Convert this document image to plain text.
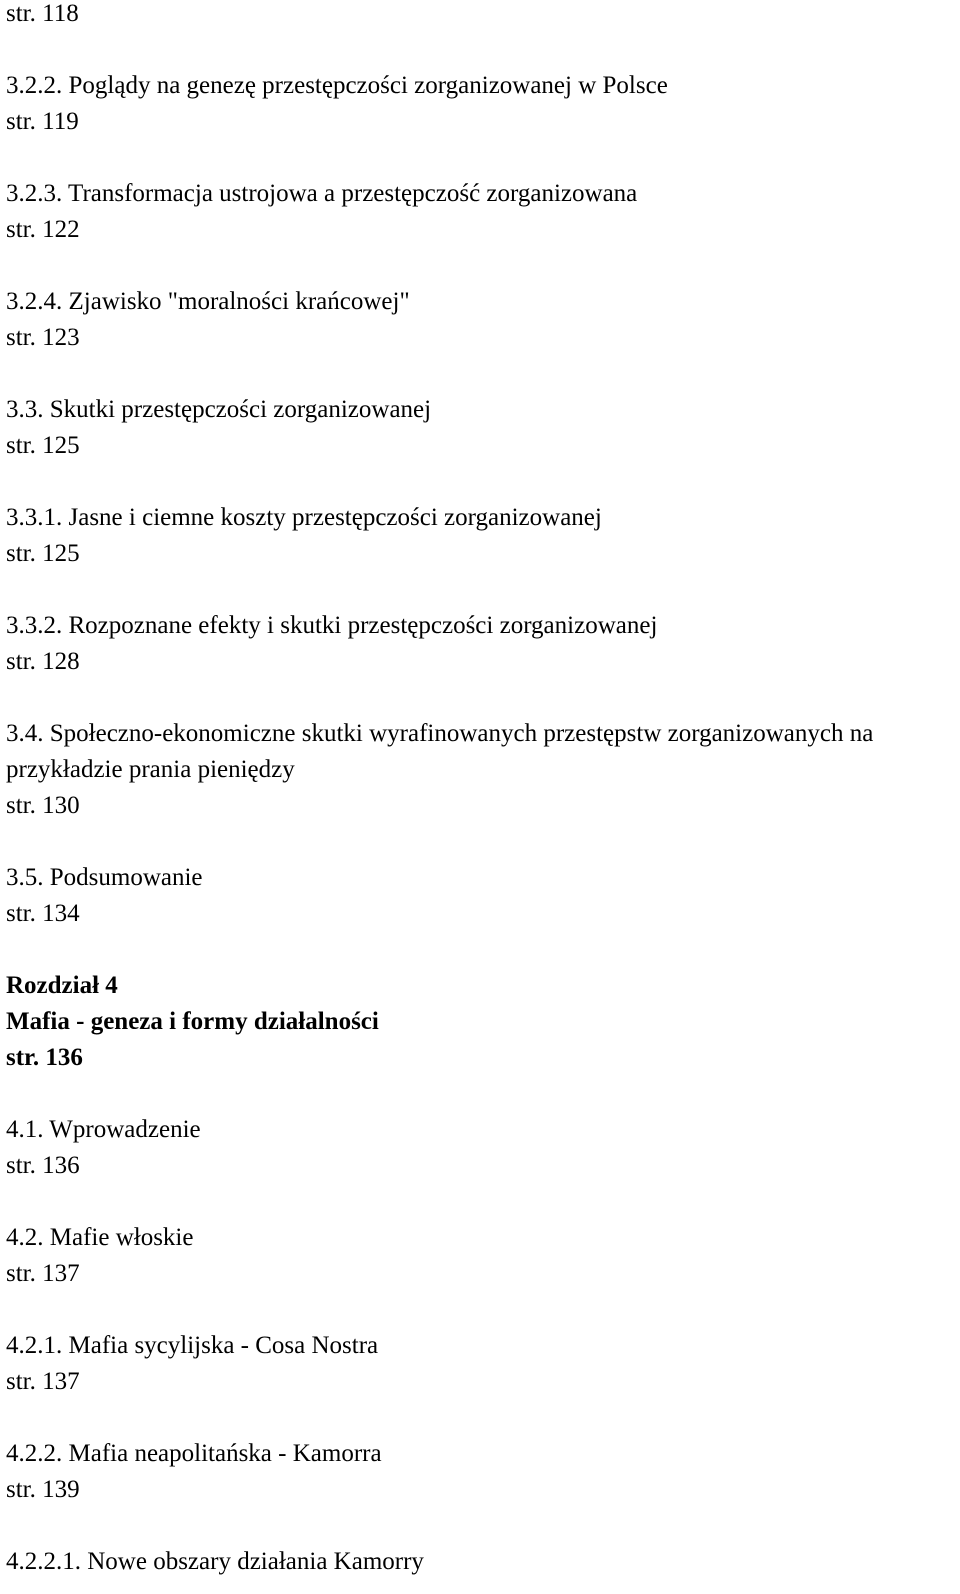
str. 118
3.2.2. Poglądy na genezę przestępczości zorganizowanej w Polsce
str. 119
3.2.3. Transformacja ustrojowa a przestępczość zorganizowana
str. 122
3.2.4. Zjawisko "moralności krańcowej"
str. 123
3.3. Skutki przestępczości zorganizowanej
str. 125
3.3.1. Jasne i ciemne koszty przestępczości zorganizowanej
str. 125
3.3.2. Rozpoznane efekty i skutki przestępczości zorganizowanej
str. 128
3.4. Społeczno-ekonomiczne skutki wyrafinowanych przestępstw zorganizowanych na
przykładzie prania pieniędzy
str. 130
3.5. Podsumowanie
str. 134
Rozdział 4
Mafia - geneza i formy działalności
str. 136
4.1. Wprowadzenie
str. 136
4.2. Mafie włoskie
str. 137
4.2.1. Mafia sycylijska - Cosa Nostra
str. 137
4.2.2. Mafia neapolitańska - Kamorra
str. 139
4.2.2.1. Nowe obszary działania Kamorry
